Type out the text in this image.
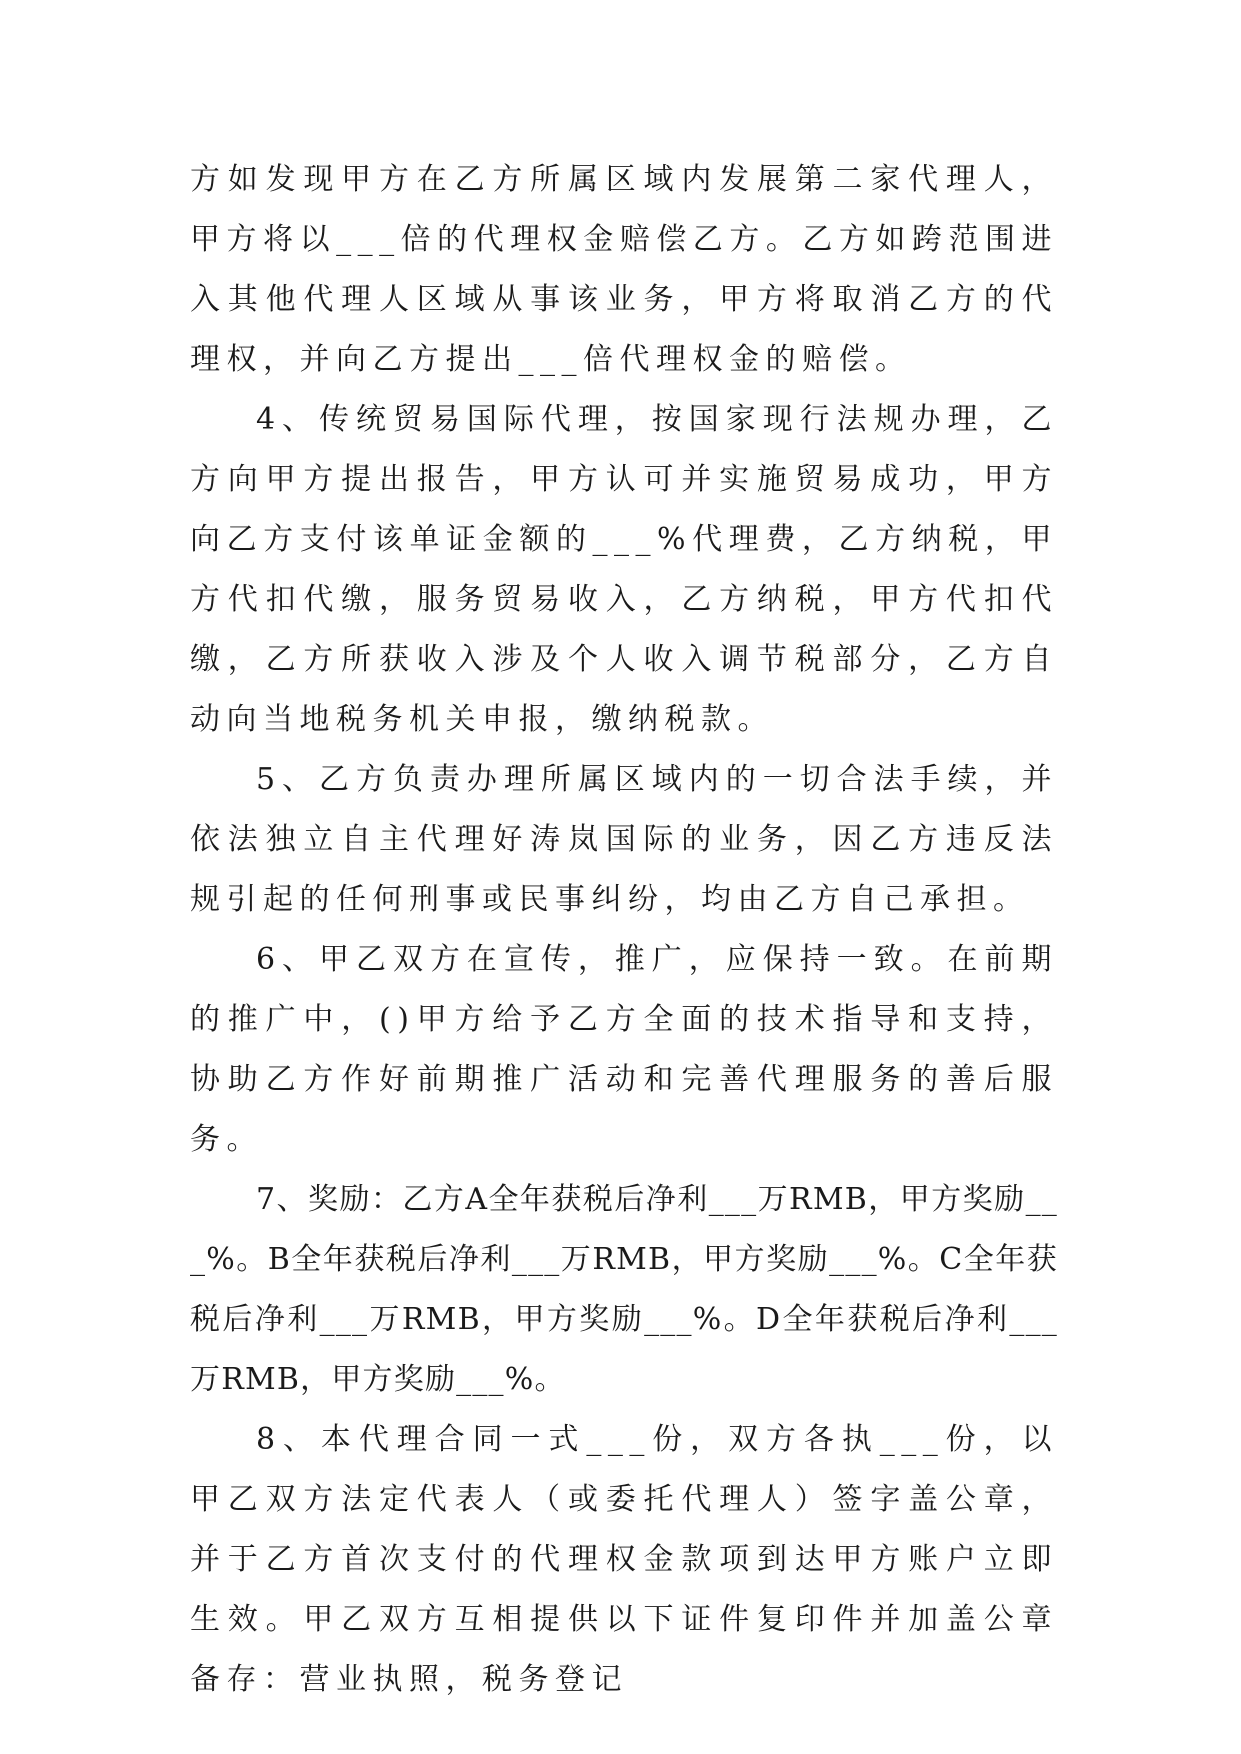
方如发现甲方在乙方所属区域内发展第二家代理人，甲方将以___倍的代理权金赔偿乙方。乙方如跨范围进入其他代理人区域从事该业务，甲方将取消乙方的代理权，并向乙方提出___倍代理权金的赔偿。

4、传统贸易国际代理，按国家现行法规办理，乙方向甲方提出报告，甲方认可并实施贸易成功，甲方向乙方支付该单证金额的___%代理费，乙方纳税，甲方代扣代缴，服务贸易收入，乙方纳税，甲方代扣代缴，乙方所获收入涉及个人收入调节税部分，乙方自动向当地税务机关申报，缴纳税款。

5、乙方负责办理所属区域内的一切合法手续，并依法独立自主代理好涛岚国际的业务，因乙方违反法规引起的任何刑事或民事纠纷，均由乙方自己承担。

6、甲乙双方在宣传，推广，应保持一致。在前期的推广中，()甲方给予乙方全面的技术指导和支持，协助乙方作好前期推广活动和完善代理服务的善后服务。

7、奖励：乙方A全年获税后净利___万RMB，甲方奖励___%。B全年获税后净利___万RMB，甲方奖励___%。C全年获税后净利___万RMB，甲方奖励___%。D全年获税后净利___万RMB，甲方奖励___%。

8、本代理合同一式___份，双方各执___份，以甲乙双方法定代表人（或委托代理人）签字盖公章，并于乙方首次支付的代理权金款项到达甲方账户立即生效。甲乙双方互相提供以下证件复印件并加盖公章备存：营业执照，税务登记
